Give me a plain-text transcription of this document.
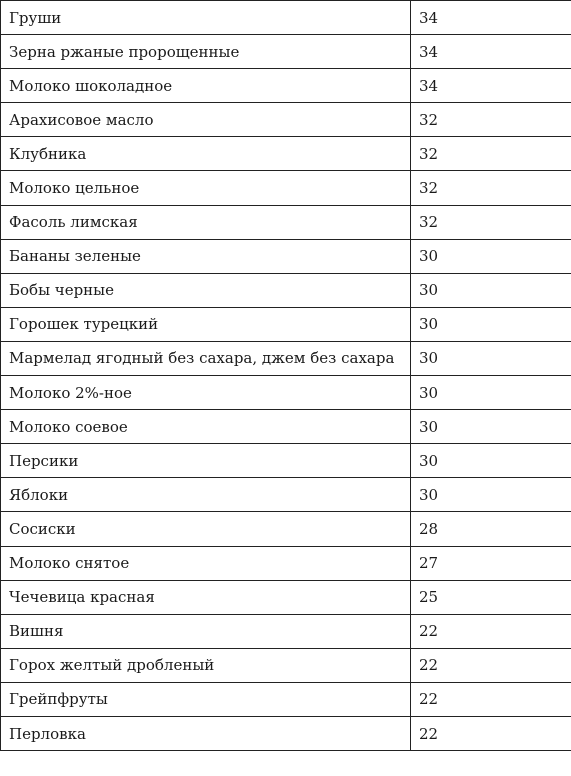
Груши	34
Зерна ржаные пророщенные	34
Молоко шоколадное	34
Арахисовое масло	32
Клубника	32
Молоко цельное	32
Фасоль лимская	32
Бананы зеленые	30
Бобы черные	30
Горошек турецкий	30
Мармелад ягодный без сахара, джем без сахара	30
Молоко 2%-ное	30
Молоко соевое	30
Персики	30
Яблоки	30
Сосиски	28
Молоко снятое	27
Чечевица красная	25
Вишня	22
Горох желтый дробленый	22
Грейпфруты	22
Перловка	22
